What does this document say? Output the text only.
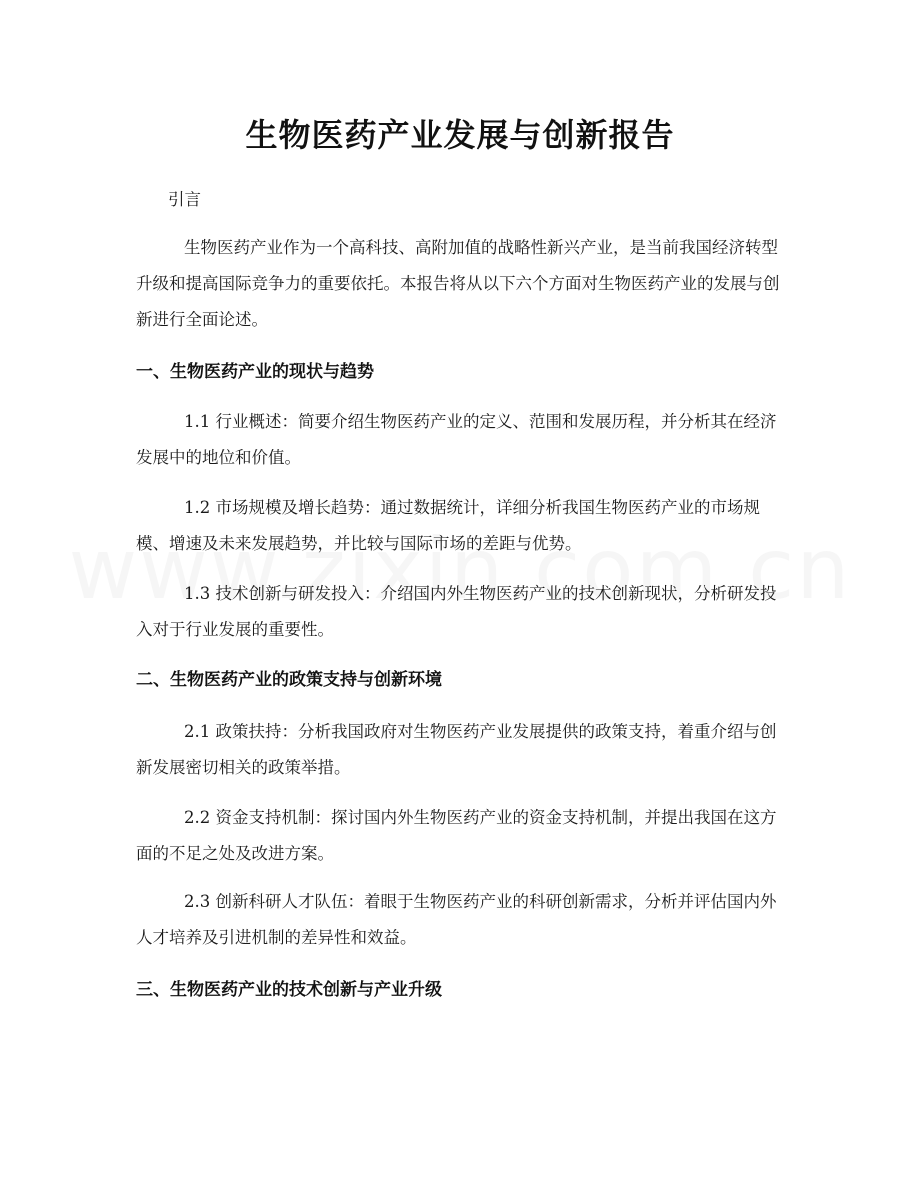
生物医药产业发展与创新报告

引言

生物医药产业作为一个高科技、高附加值的战略性新兴产业，是当前我国经济转型升级和提高国际竞争力的重要依托。本报告将从以下六个方面对生物医药产业的发展与创新进行全面论述。

一、生物医药产业的现状与趋势

1.1 行业概述：简要介绍生物医药产业的定义、范围和发展历程，并分析其在经济发展中的地位和价值。

1.2 市场规模及增长趋势：通过数据统计，详细分析我国生物医药产业的市场规模、增速及未来发展趋势，并比较与国际市场的差距与优势。

1.3 技术创新与研发投入：介绍国内外生物医药产业的技术创新现状，分析研发投入对于行业发展的重要性。

二、生物医药产业的政策支持与创新环境

2.1 政策扶持：分析我国政府对生物医药产业发展提供的政策支持，着重介绍与创新发展密切相关的政策举措。

2.2 资金支持机制：探讨国内外生物医药产业的资金支持机制，并提出我国在这方面的不足之处及改进方案。

2.3 创新科研人才队伍：着眼于生物医药产业的科研创新需求，分析并评估国内外人才培养及引进机制的差异性和效益。

三、生物医药产业的技术创新与产业升级
